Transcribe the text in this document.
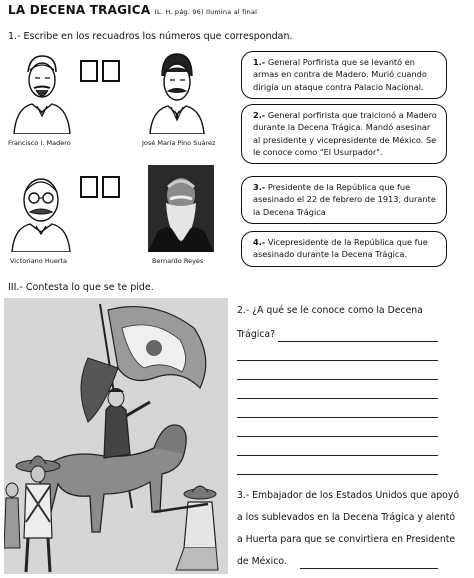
LA DECENA TRAGICA (L. H. pág. 96) Ilumina al final
1.- Escribe en los recuadros los números que correspondan.
Francisco I. Madero	José María Pino Suárez
Victoriano Huerta	Bernardo Reyes
1.- General Porfirista que se levantó en armas en contra de Madero. Murió cuando dirigía un ataque contra Palacio Nacional.
2.- General porfirista que traicionó a Madero durante la Decena Trágica. Mandó asesinar al presidente y vicepresidente de México. Se le conoce como "El Usurpador".
3.- Presidente de la República que fue asesinado el 22 de febrero de 1913, durante la Decena Trágica
4.- Vicepresidente de la República que fue asesinado durante la Decena Trágica.
III.- Contesta lo que se te pide.
2.- ¿A qué se le conoce como la Decena
Trágica?
3.- Embajador de los Estados Unidos que apoyó
a los sublevados en la Decena Trágica y alentó
a Huerta para que se convirtiera en Presidente
de México.
